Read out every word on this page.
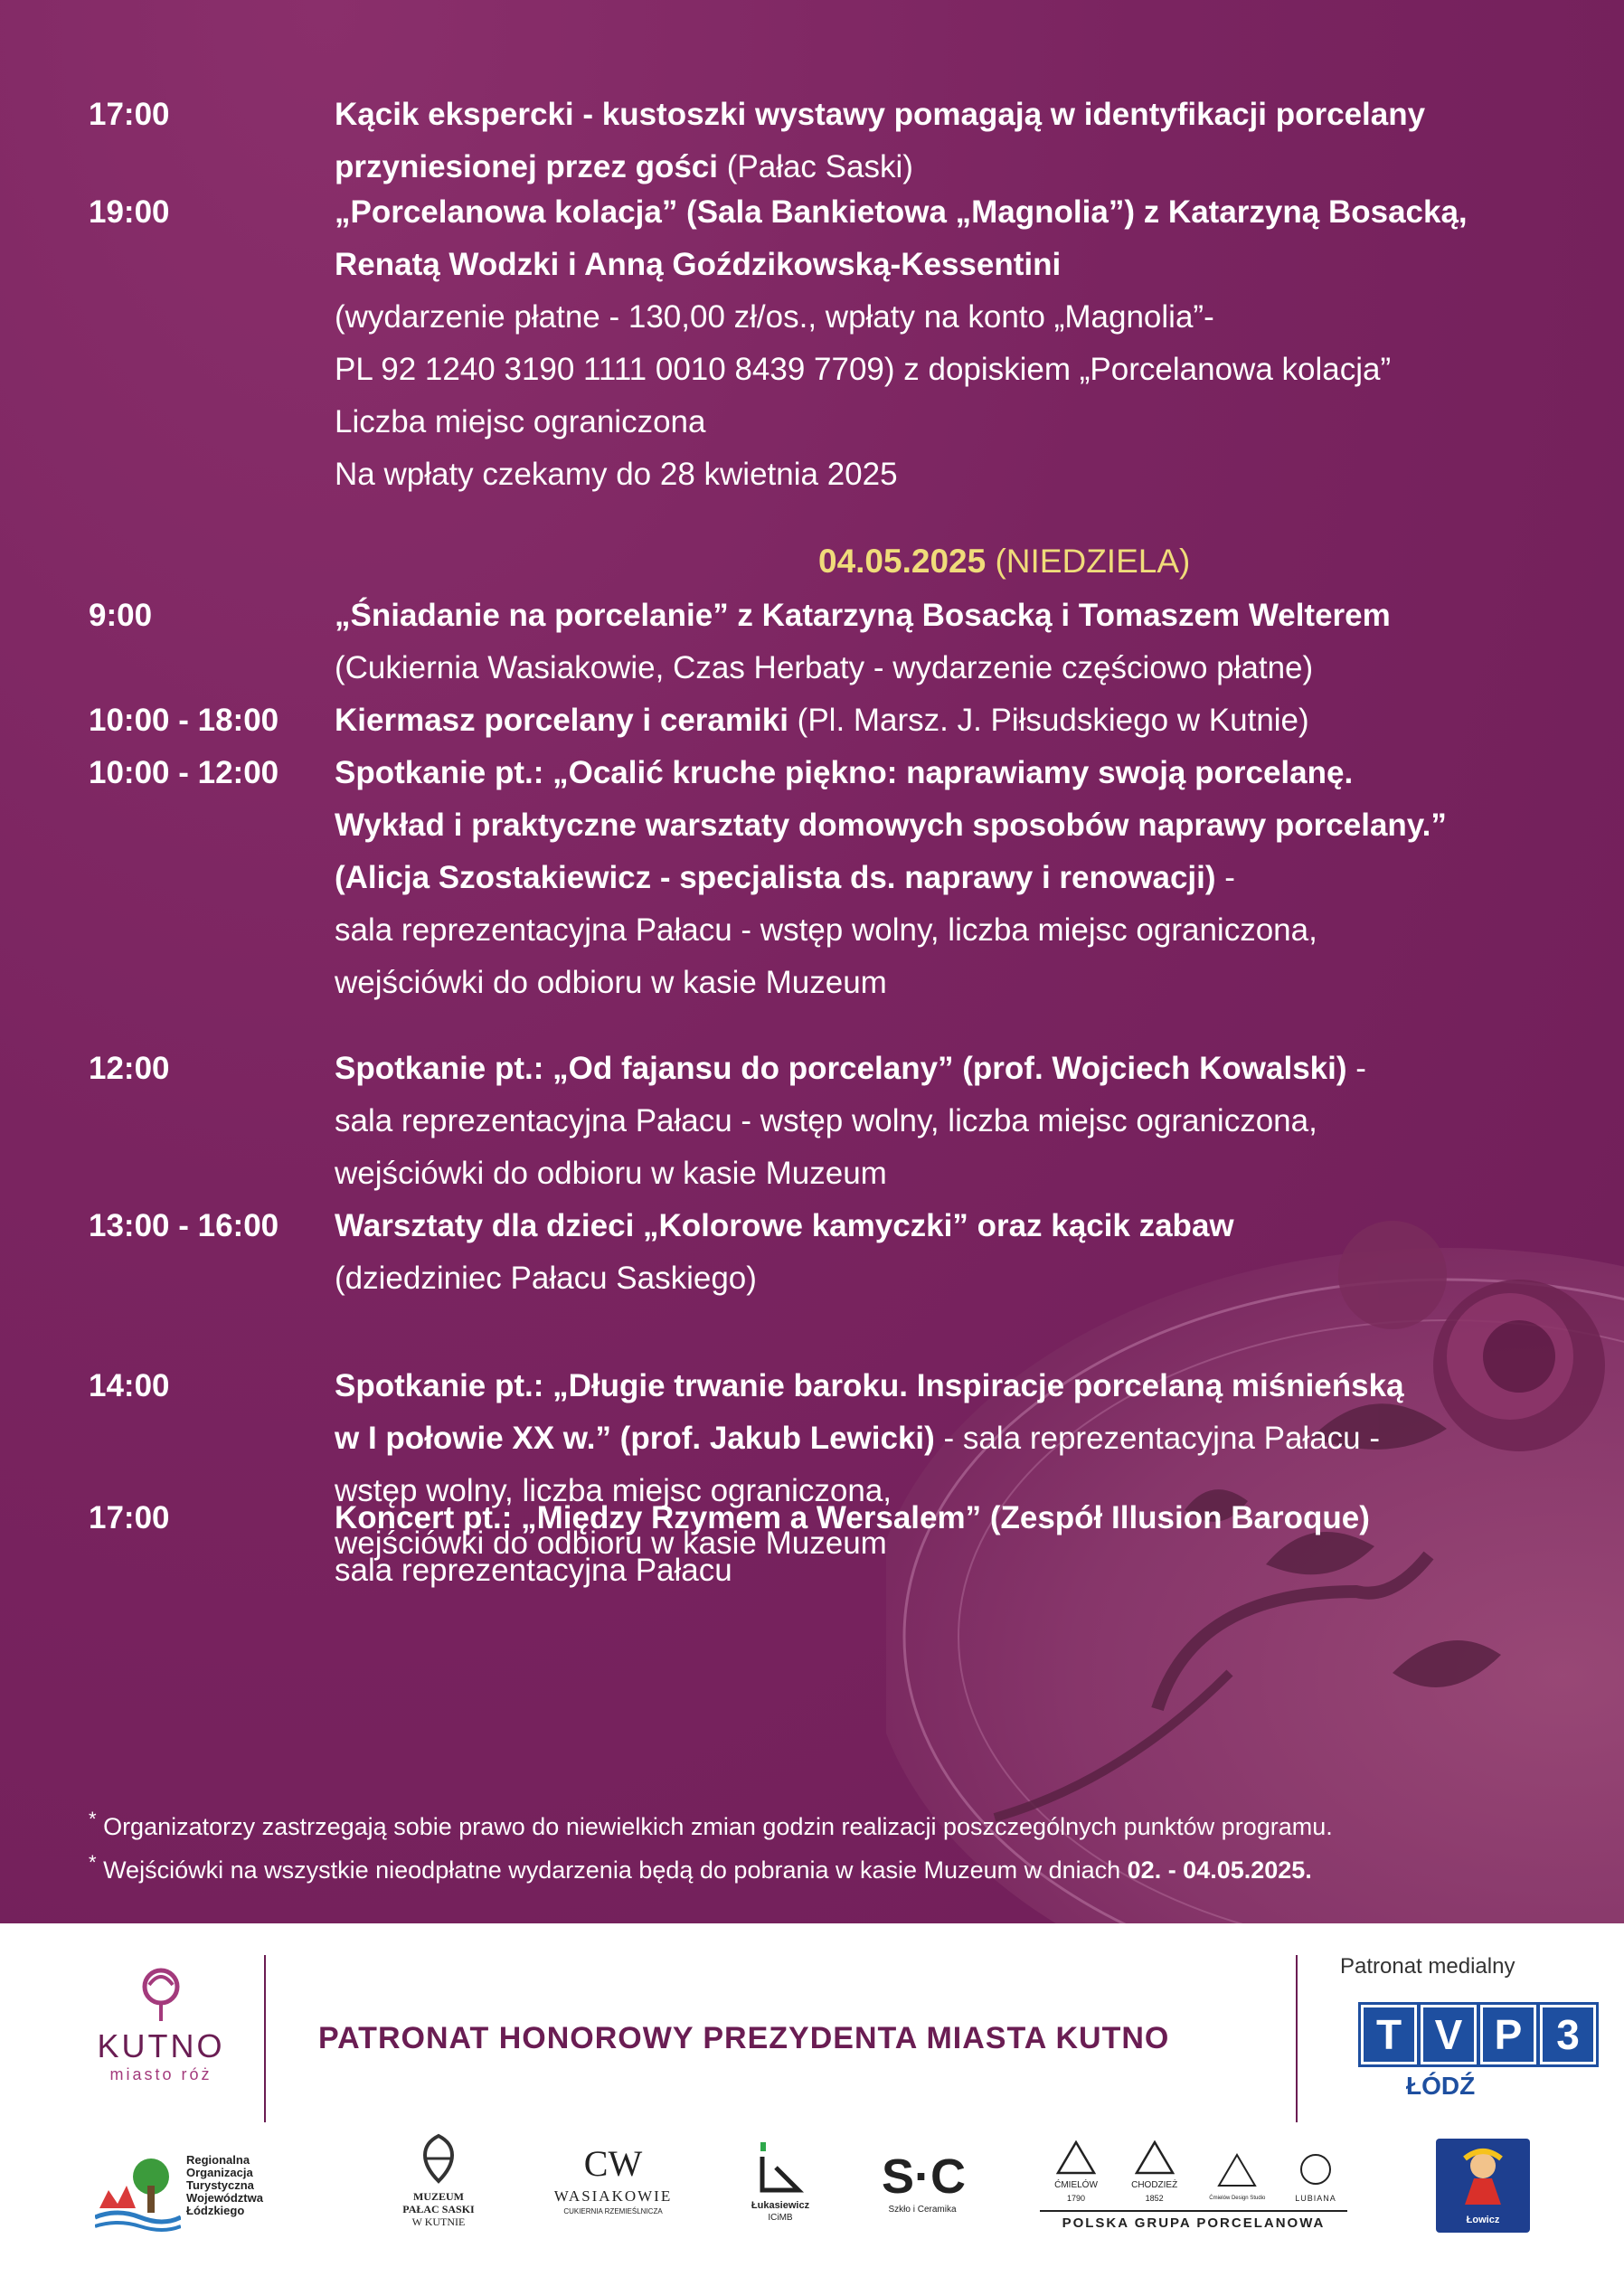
17:00	Kącik ekspercki - kustoszki wystawy pomagają w identyfikacji porcelany
przyniesionej przez gości (Pałac Saski)
19:00	„Porcelanowa kolacja” (Sala Bankietowa „Magnolia”) z Katarzyną Bosacką,
Renatą Wodzki i Anną Goździkowską-Kessentini
(wydarzenie płatne - 130,00 zł/os., wpłaty na konto „Magnolia”-
PL 92 1240 3190 1111 0010 8439 7709) z dopiskiem „Porcelanowa kolacja”
Liczba miejsc ograniczona
Na wpłaty czekamy do 28 kwietnia 2025
04.05.2025 (NIEDZIELA)
9:00	„Śniadanie na porcelanie” z Katarzyną Bosacką i Tomaszem Welterem
(Cukiernia Wasiakowie, Czas Herbaty - wydarzenie częściowo płatne)
10:00 - 18:00	Kiermasz porcelany i ceramiki (Pl. Marsz. J. Piłsudskiego w Kutnie)
10:00 - 12:00	Spotkanie pt.: „Ocalić kruche piękno: naprawiamy swoją porcelanę.
Wykład i praktyczne warsztaty domowych sposobów naprawy porcelany.”
(Alicja Szostakiewicz - specjalista ds. naprawy i renowacji) -
sala reprezentacyjna Pałacu - wstęp wolny, liczba miejsc ograniczona,
wejściówki do odbioru w kasie Muzeum
12:00	Spotkanie pt.: „Od fajansu do porcelany” (prof. Wojciech Kowalski) -
sala reprezentacyjna Pałacu - wstęp wolny, liczba miejsc ograniczona,
wejściówki do odbioru w kasie Muzeum
13:00 - 16:00	Warsztaty dla dzieci „Kolorowe kamyczki” oraz kącik zabaw
(dziedziniec Pałacu Saskiego)
14:00	Spotkanie pt.: „Długie trwanie baroku. Inspiracje porcelaną miśnieńską
w I połowie XX w.” (prof. Jakub Lewicki) - sala reprezentacyjna Pałacu -
wstęp wolny, liczba miejsc ograniczona,
wejściówki do odbioru w kasie Muzeum
17:00	Koncert pt.: „Między Rzymem a Wersalem” (Zespół Illusion Baroque)
sala reprezentacyjna Pałacu
* Organizatorzy zastrzegają sobie prawo do niewielkich zmian godzin realizacji poszczególnych punktów programu.
* Wejściówki na wszystkie nieodpłatne wydarzenia będą do pobrania w kasie Muzeum w dniach 02. - 04.05.2025.
KUTNO
miasto róż
PATRONAT HONOROWY PREZYDENTA MIASTA KUTNO
Patronat medialny
T V P 3
ŁÓDŹ
Regionalna
Organizacja
Turystyczna
Województwa
Łódzkiego
MUZEUM
PAŁAC SASKI
W KUTNIE
CW
WASIAKOWIE
CUKIERNIA RZEMIEŚLNICZA
Łukasiewicz
ICiMB
S·C
Szkło i Ceramika
ĆMIELÓW
1790
CHODZIEŻ
1852	Ćmielów Design Studio	LUBIANA
POLSKA GRUPA PORCELANOWA	Łowicz
